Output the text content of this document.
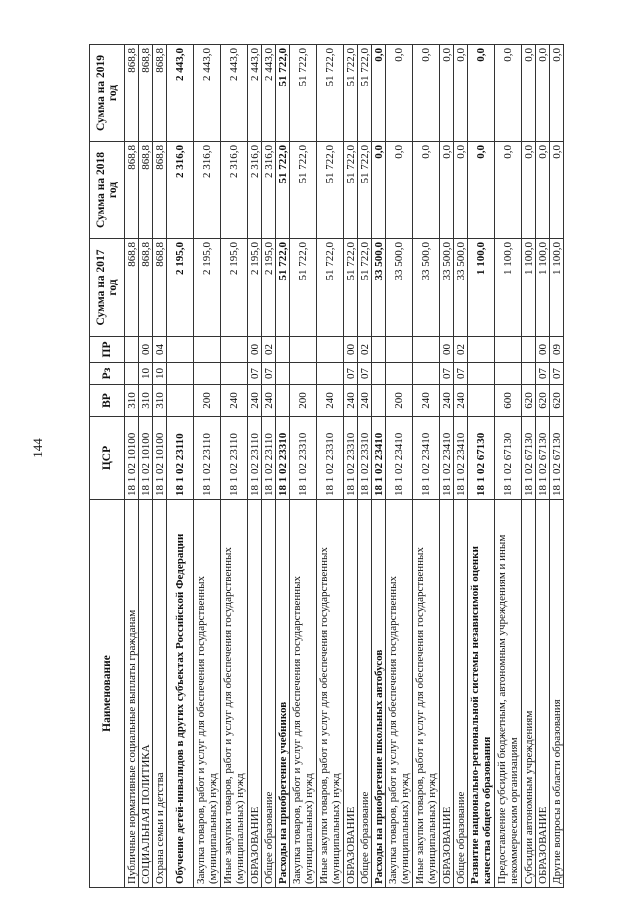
144
Наименование	ЦСР	ВР	Рз	ПР	Сумма на 2017 год	Сумма на 2018 год	Сумма на 2019 год
Публичные нормативные социальные выплаты гражданам	18 1 02 10100	310			868,8	868,8	868,8
СОЦИАЛЬНАЯ ПОЛИТИКА	18 1 02 10100	310	10	00	868,8	868,8	868,8
Охрана семьи и детства	18 1 02 10100	310	10	04	868,8	868,8	868,8
Обучение детей-инвалидов в других субъектах Российской Федерации	18 1 02 23110				2 195,0	2 316,0	2 443,0
Закупка товаров, работ и услуг для обеспечения государственных (муниципальных) нужд	18 1 02 23110	200			2 195,0	2 316,0	2 443,0
Иные закупки товаров, работ и услуг для обеспечения государственных (муниципальных) нужд	18 1 02 23110	240			2 195,0	2 316,0	2 443,0
ОБРАЗОВАНИЕ	18 1 02 23110	240	07	00	2 195,0	2 316,0	2 443,0
Общее образование	18 1 02 23110	240	07	02	2 195,0	2 316,0	2 443,0
Расходы на приобретение учебников	18 1 02 23310				51 722,0	51 722,0	51 722,0
Закупка товаров, работ и услуг для обеспечения государственных (муниципальных) нужд	18 1 02 23310	200			51 722,0	51 722,0	51 722,0
Иные закупки товаров, работ и услуг для обеспечения государственных (муниципальных) нужд	18 1 02 23310	240			51 722,0	51 722,0	51 722,0
ОБРАЗОВАНИЕ	18 1 02 23310	240	07	00	51 722,0	51 722,0	51 722,0
Общее образование	18 1 02 23310	240	07	02	51 722,0	51 722,0	51 722,0
Расходы на приобретение школьных автобусов	18 1 02 23410				33 500,0	0,0	0,0
Закупка товаров, работ и услуг для обеспечения государственных (муниципальных) нужд	18 1 02 23410	200			33 500,0	0,0	0,0
Иные закупки товаров, работ и услуг для обеспечения государственных (муниципальных) нужд	18 1 02 23410	240			33 500,0	0,0	0,0
ОБРАЗОВАНИЕ	18 1 02 23410	240	07	00	33 500,0	0,0	0,0
Общее образование	18 1 02 23410	240	07	02	33 500,0	0,0	0,0
Развитие национально-региональной системы независимой оценки качества общего образования	18 1 02 67130				1 100,0	0,0	0,0
Предоставление субсидий бюджетным, автономным учреждениям и иным некоммерческим организациям	18 1 02 67130	600			1 100,0	0,0	0,0
Субсидии автономным учреждениям	18 1 02 67130	620			1 100,0	0,0	0,0
ОБРАЗОВАНИЕ	18 1 02 67130	620	07	00	1 100,0	0,0	0,0
Другие вопросы в области образования	18 1 02 67130	620	07	09	1 100,0	0,0	0,0
